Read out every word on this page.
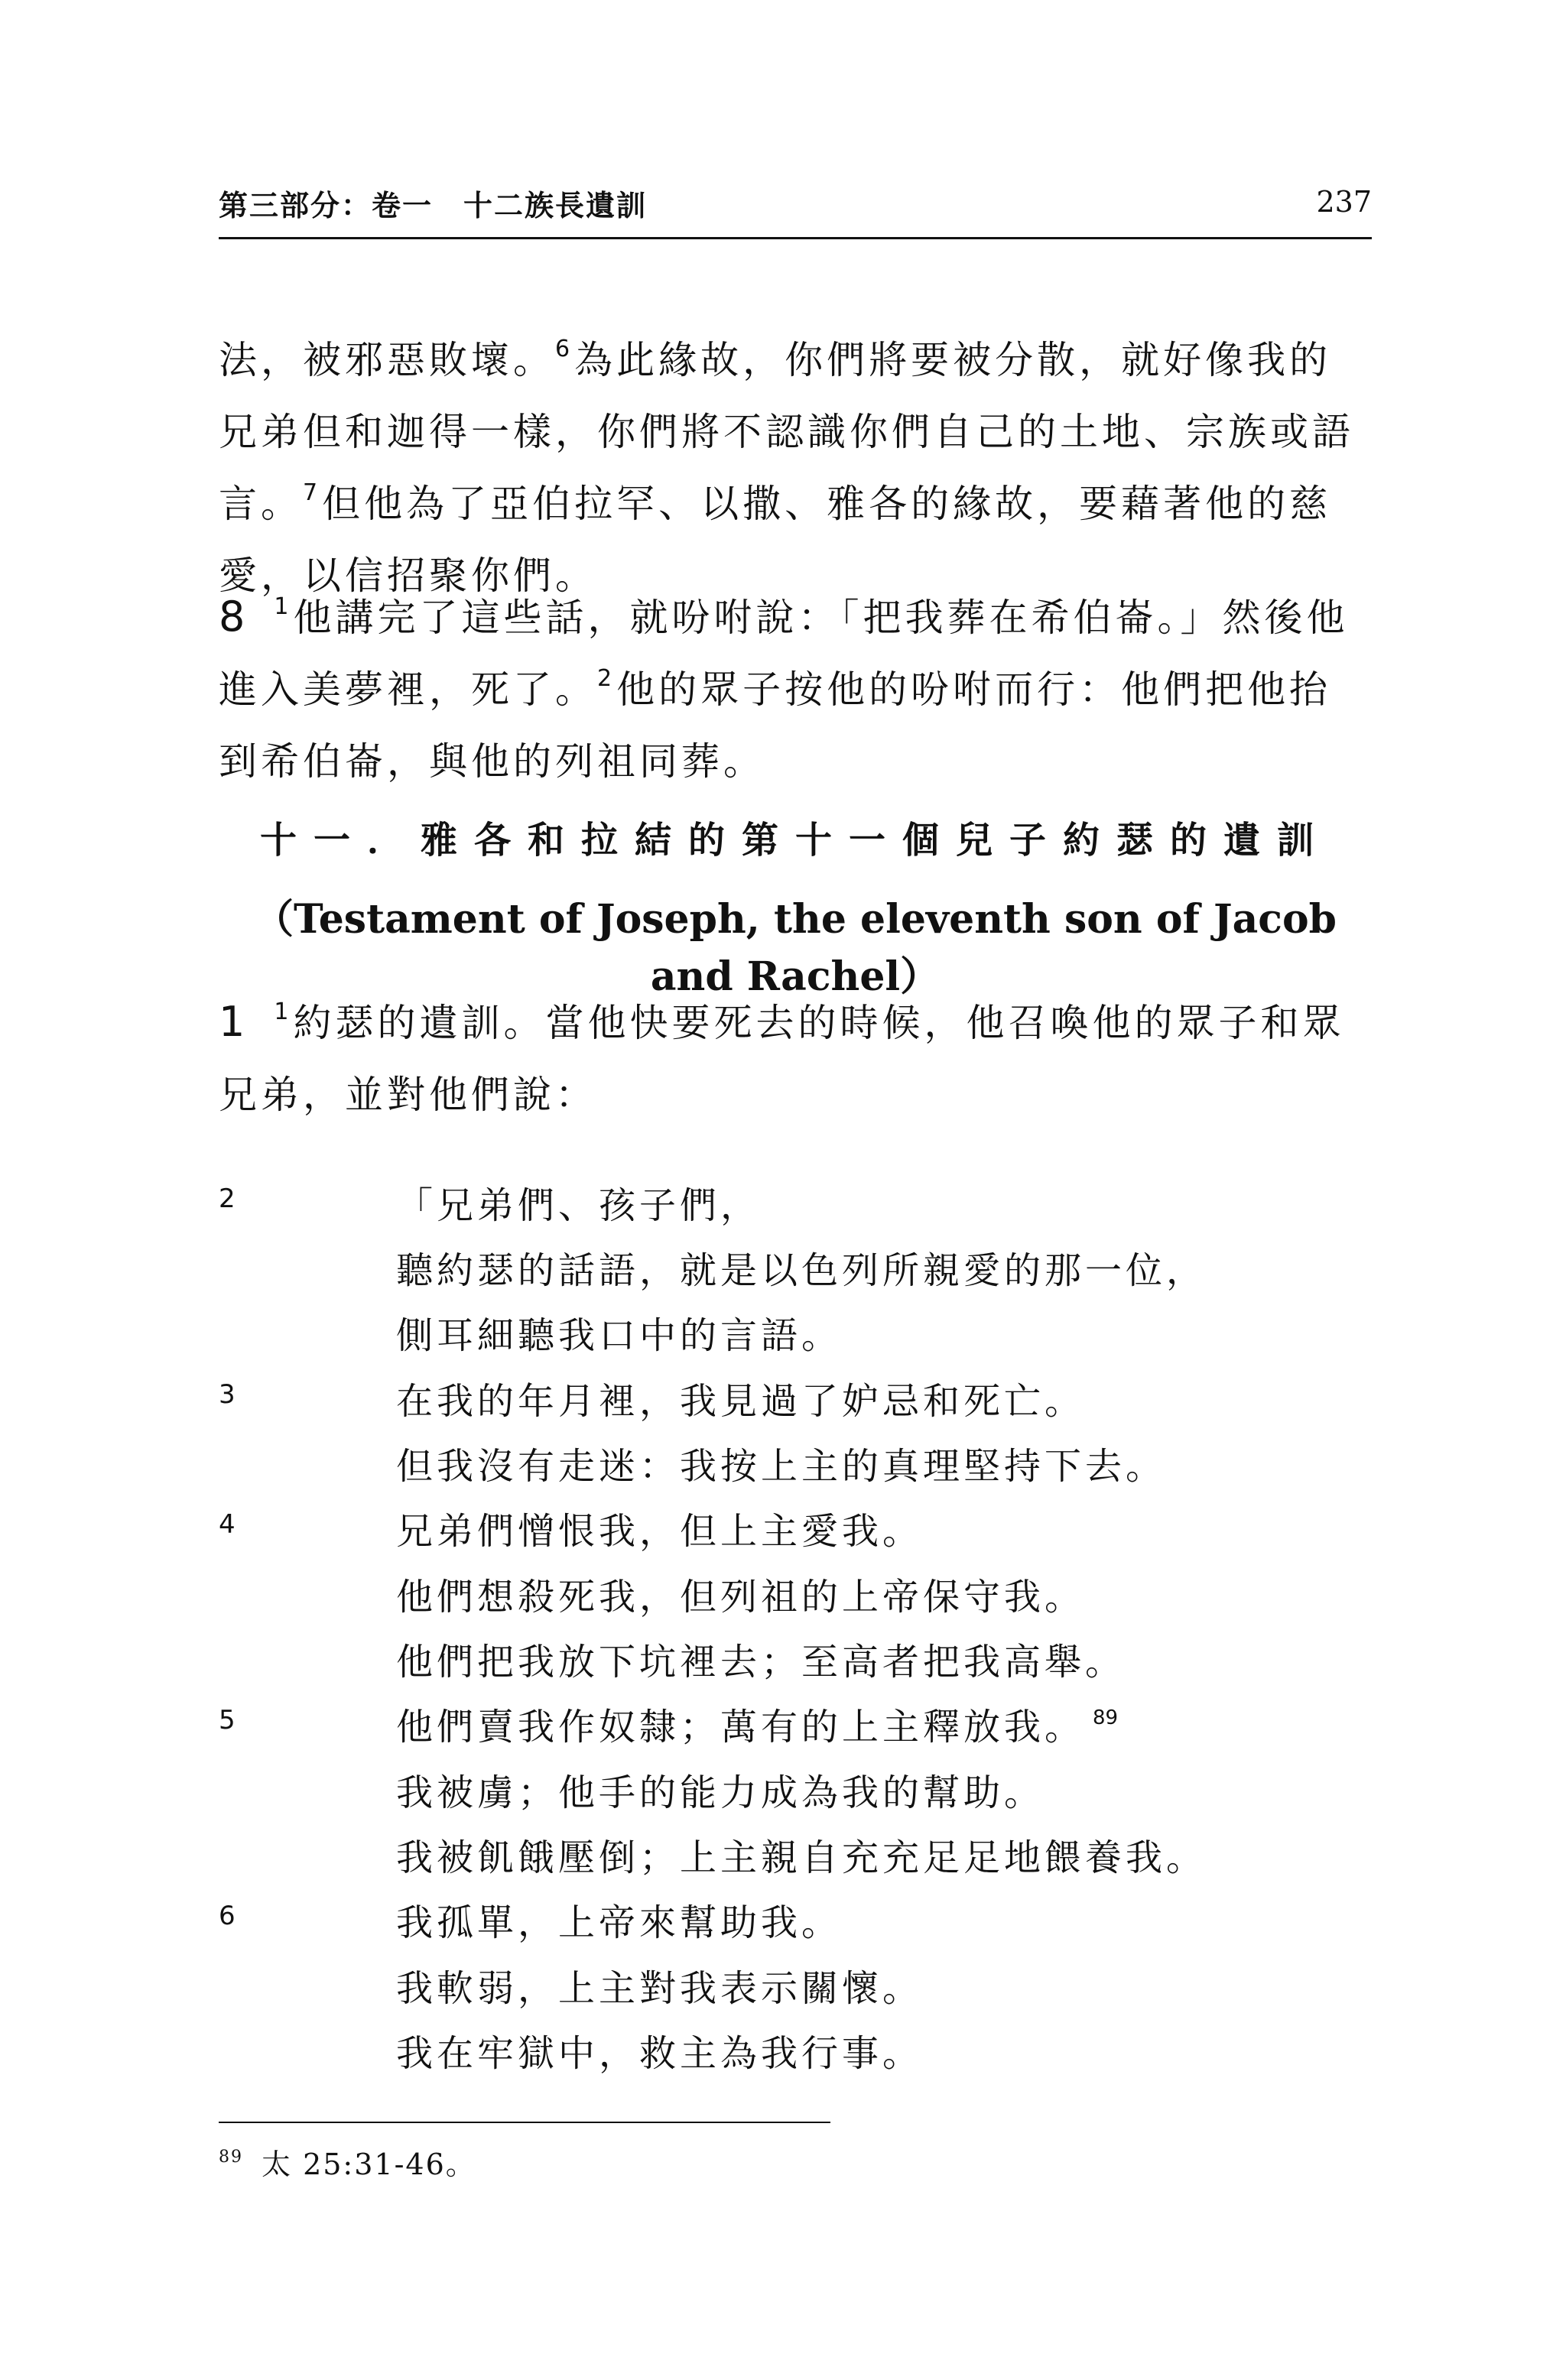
第三部分：卷一　十二族長遺訓	237

法，被邪惡敗壞。$^6$ 為此緣故，你們將要被分散，就好像我的兄弟但和迦得一樣，你們將不認識你們自己的土地、宗族或語言。$^7$ 但他為了亞伯拉罕、以撒、雅各的緣故，要藉著他的慈愛，以信招聚你們。

8 $^1$ 他講完了這些話，就吩咐說：「把我葬在希伯崙。」然後他進入美夢裡，死了。$^2$ 他的眾子按他的吩咐而行：他們把他抬到希伯崙，與他的列祖同葬。

十一．雅各和拉結的第十一個兒子約瑟的遺訓
（Testament of Joseph, the eleventh son of Jacob and Rachel）

1 $^1$ 約瑟的遺訓。當他快要死去的時候，他召喚他的眾子和眾兄弟，並對他們說：

2
3
4
5
6
「兄弟們、孩子們，
聽約瑟的話語，就是以色列所親愛的那一位，
側耳細聽我口中的言語。
在我的年月裡，我見過了妒忌和死亡。
但我沒有走迷：我按上主的真理堅持下去。
兄弟們憎恨我，但上主愛我。
他們想殺死我，但列祖的上帝保守我。
他們把我放下坑裡去；至高者把我高舉。
他們賣我作奴隸；萬有的上主釋放我。 $^{89}$
我被虜；他手的能力成為我的幫助。
我被飢餓壓倒；上主親自充充足足地餵養我。
我孤單，上帝來幫助我。
我軟弱，上主對我表示關懷。
我在牢獄中，救主為我行事。
$^{89}$ 太 25:31-46。
